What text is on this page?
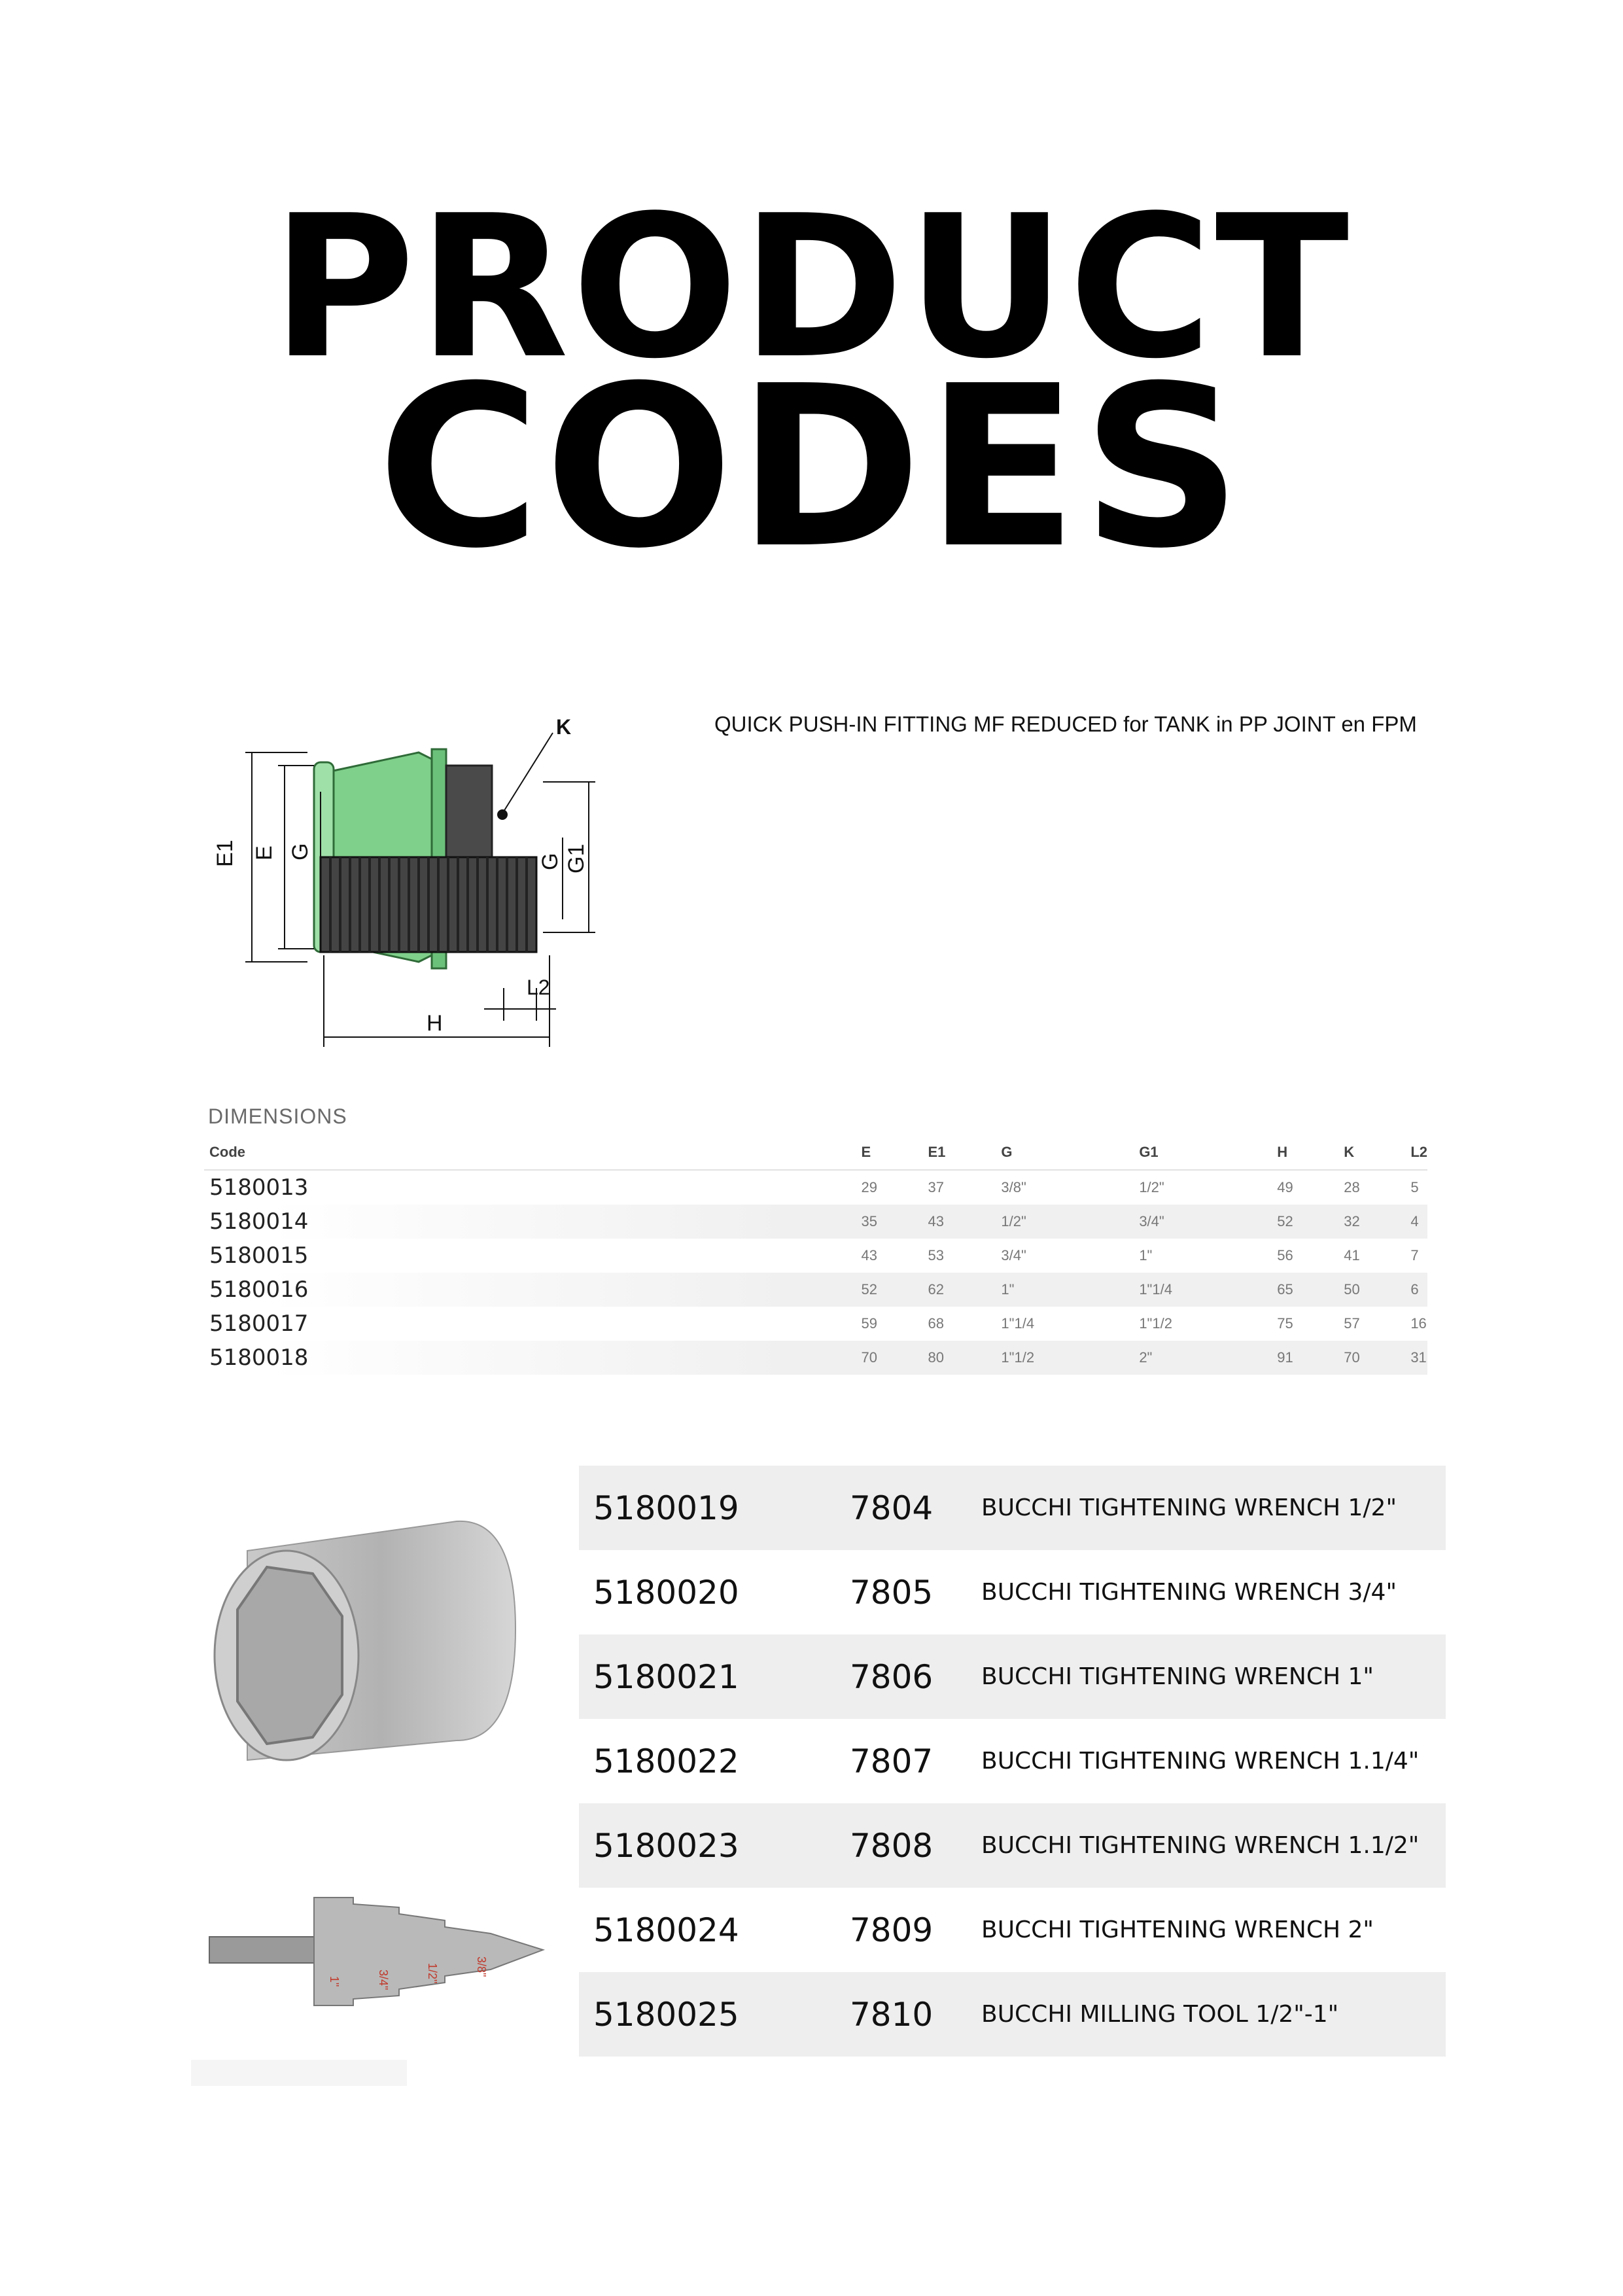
PRODUCT
CODES
QUICK PUSH-IN FITTING MF REDUCED for TANK in PP JOINT en FPM
K
E1 E G
G G1
L2
H
DIMENSIONS
Code	E	E1	G	G1	H	K	L2
5180013	29	37	3/8"	1/2"	49	28	5
5180014	35	43	1/2"	3/4"	52	32	4
5180015	43	53	3/4"	1"	56	41	7
5180016	52	62	1"	1"1/4	65	50	6
5180017	59	68	1"1/4	1"1/2	75	57	16
5180018	70	80	1"1/2	2"	91	70	31
3/8"
1/2"
3/4"
1"
5180019	7804	BUCCHI TIGHTENING WRENCH 1/2"
5180020	7805	BUCCHI TIGHTENING WRENCH 3/4"
5180021	7806	BUCCHI TIGHTENING WRENCH 1"
5180022	7807	BUCCHI TIGHTENING WRENCH 1.1/4"
5180023	7808	BUCCHI TIGHTENING WRENCH 1.1/2"
5180024	7809	BUCCHI TIGHTENING WRENCH 2"
5180025	7810	BUCCHI MILLING TOOL 1/2"-1"
